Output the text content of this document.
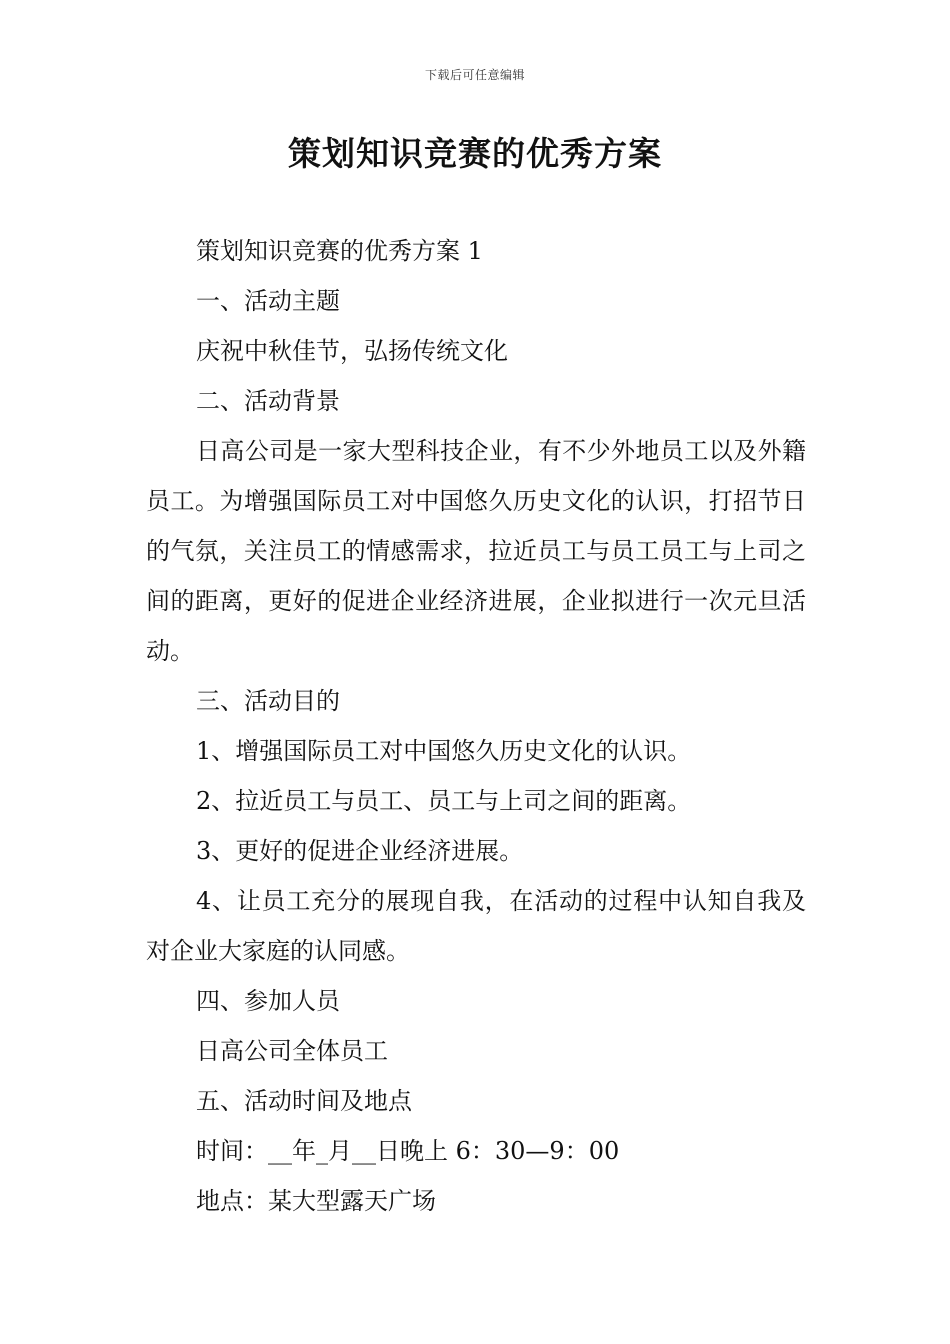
下载后可任意编辑
策划知识竞赛的优秀方案

策划知识竞赛的优秀方案 1

一、活动主题

庆祝中秋佳节，弘扬传统文化

二、活动背景

日高公司是一家大型科技企业，有不少外地员工以及外籍员工。为增强国际员工对中国悠久历史文化的认识，打招节日的气氛，关注员工的情感需求，拉近员工与员工员工与上司之间的距离，更好的促进企业经济进展，企业拟进行一次元旦活动。

三、活动目的

1、增强国际员工对中国悠久历史文化的认识。

2、拉近员工与员工、员工与上司之间的距离。

3、更好的促进企业经济进展。

4、让员工充分的展现自我，在活动的过程中认知自我及对企业大家庭的认同感。

四、参加人员

日高公司全体员工

五、活动时间及地点

时间：__年_月__日晚上 6：30—9：00

地点：某大型露天广场
